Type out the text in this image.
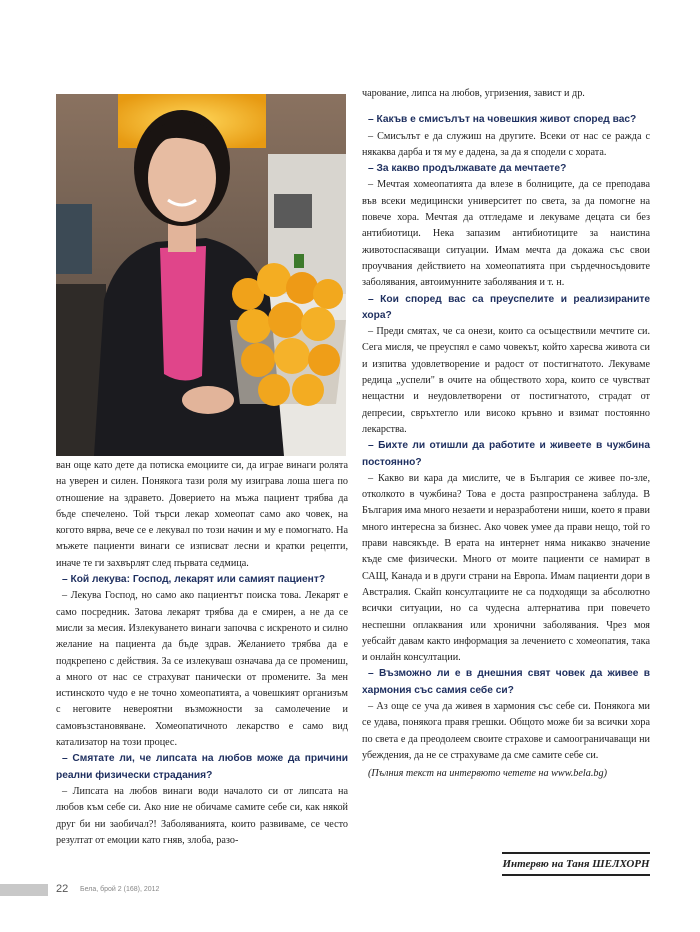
ван още като дете да потиска емоциите си, да играе винаги ролята на уверен и силен. Понякога тази роля му изиграва лоша шега по отношение на здравето. Доверието на мъжа пациент трябва да бъде спечелено. Той търси лекар хомеопат само ако човек, на когото вярва, вече се е лекувал по този начин и му е помогнато. На мъжете пациенти винаги се изписват лесни и кратки рецепти, иначе те ги захвърлят след първата седмица.

– Кой лекува: Господ, лекарят или самият пациент?

– Лекува Господ, но само ако пациентът поиска това. Лекарят е само посредник. Затова лекарят трябва да е смирен, а не да се мисли за месия. Излекуването винаги започва с искреното и силно желание на пациента да бъде здрав. Желанието трябва да е подкрепено с действия. За се излекуваш означава да се промениш, а много от нас се страхуват панически от промените. За мен истинското чудо е не точно хомеопатията, а човешкият организъм с неговите невероятни възможности за самолечение и самовъзстановяване. Хомеопатичното лекарство е само вид катализатор на този процес.

– Смятате ли, че липсата на любов може да причини реални физически страдания?

– Липсата на любов винаги води началото си от липсата на любов към себе си. Ако ние не обичаме самите себе си, как някой друг би ни заобичал?! Заболяванията, които развиваме, се често резултат от емоции като гняв, злоба, разо-

чарование, липса на любов, угризения, завист и др.

– Какъв е смисълът на човешкия живот според вас?

– Смисълът е да служиш на другите. Всеки от нас се ражда с някаква дарба и тя му е дадена, за да я сподели с хората.

– За какво продължавате да мечтаете?

– Мечтая хомеопатията да влезе в болниците, да се преподава във всеки медицински университет по света, за да помогне на повече хора. Мечтая да отгледаме и лекуваме децата си без антибиотици. Нека запазим антибиотиците за наистина животоспасяващи ситуации. Имам мечта да докажа със свои проучвания действието на хомеопатията при сърдечносъдовите заболявания, автоимунните заболявания и т. н.

– Кои според вас са преуспелите и реализираните хора?

– Преди смятах, че са онези, които са осъществили мечтите си. Сега мисля, че преуспял е само човекът, който харесва живота си и изпитва удовлетворение и радост от постигнатото. Лекуваме редица „успели" в очите на обществото хора, които се чувстват нещастни и неудовлетворени от постигнатото, страдат от депресии, свръхтегло или високо кръвно и взимат постоянно лекарства.

– Бихте ли отишли да работите и живеете в чужбина постоянно?

– Какво ви кара да мислите, че в България се живее по-зле, отколкото в чужбина? Това е доста разпространена заблуда. В България има много незаети и неразработени ниши, което я прави много интересна за бизнес. Ако човек умее да прави нещо, той го прави навсякъде. В ерата на интернет няма никакво значение къде сме физически. Много от моите пациенти се намират в САЩ, Канада и в други страни на Европа. Имам пациенти дори в Австралия. Скайп консултациите не са подходящи за абсолютно всички ситуации, но са чудесна алтернатива при повечето неспешни оплаквания или хронични заболявания. Чрез моя уебсайт давам както информация за лечението с хомеопатия, така и онлайн консултации.

– Възможно ли е в днешния свят човек да живее в хармония със самия себе си?

– Аз още се уча да живея в хармония със себе си. Понякога ми се удава, понякога правя грешки. Общото може би за всички хора по света е да преодолеем своите страхове и самоограничаващи ни убеждения, да не се страхуваме да сме самите себе си.

(Пълния текст на интервюто четете на www.bela.bg)

Интервю на Таня ШЕЛХОРН
22 Бела, брой 2 (168), 2012
